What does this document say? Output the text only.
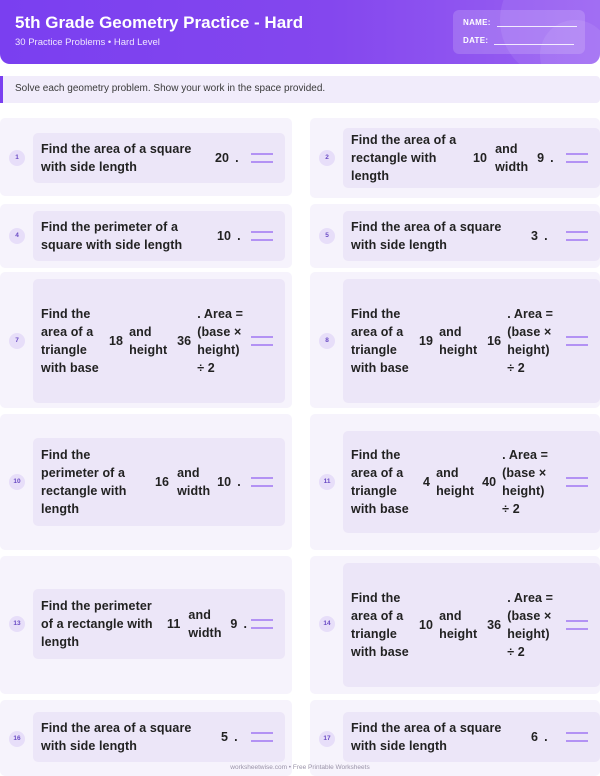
5th Grade Geometry Practice - Hard
30 Practice Problems • Hard Level
NAME:
DATE:
Solve each geometry problem. Show your work in the space provided.
1
Find the area of a square with side length
20 .	2
Find the area of a rectangle with length
10
and width
9 .
4
Find the perimeter of a square with side length
10 .	5
Find the area of a square with side length
3 .
7
Find the area of a triangle with base
18
and height
36
. Area = (base × height) ÷ 2
8
Find the area of a triangle with base
19
and height
16
. Area = (base × height) ÷ 2
10
Find the perimeter of a rectangle with length
16
and width
10 .	11
Find the area of a triangle with base
4
and height
40
. Area = (base × height) ÷ 2
13
Find the perimeter of a rectangle with length
11
and width
9 .	14
Find the area of a triangle with base
10
and height
36
. Area = (base × height) ÷ 2
16
Find the area of a square with side length
5 .	17
Find the area of a square with side length
6 .
worksheetwise.com • Free Printable Worksheets
